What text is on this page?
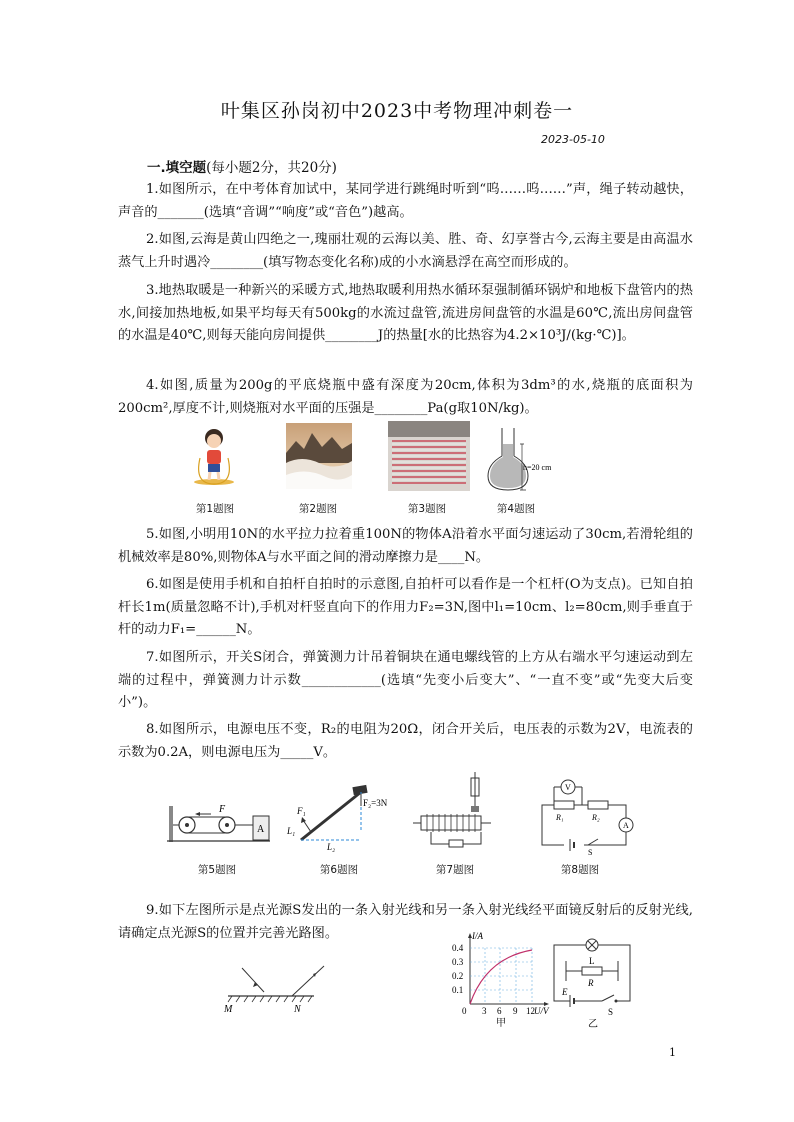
叶集区孙岗初中2023中考物理冲刺卷一
2023-05-10
一.填空题(每小题2分，共20分)

1.如图所示，在中考体育加试中，某同学进行跳绳时听到“呜……呜……”声，绳子转动越快，声音的_______(选填“音调”“响度”或“音色”)越高。

2.如图,云海是黄山四绝之一,瑰丽壮观的云海以美、胜、奇、幻享誉古今,云海主要是由高温水蒸气上升时遇冷________(填写物态变化名称)成的小水滴悬浮在高空而形成的。

3.地热取暖是一种新兴的采暖方式,地热取暖利用热水循环泵强制循环锅炉和地板下盘管内的热水,间接加热地板,如果平均每天有500kg的水流过盘管,流进房间盘管的水温是60℃,流出房间盘管的水温是40℃,则每天能向房间提供________J的热量[水的比热容为4.2×10³J/(kg·℃)]。

4.如图,质量为200g的平底烧瓶中盛有深度为20cm,体积为3dm³的水,烧瓶的底面积为200cm²,厚度不计,则烧瓶对水平面的压强是________Pa(g取10N/kg)。

第1题图	第2题图	第3题图
h=20 cm
第4题图

5.如图,小明用10N的水平拉力拉着重100N的物体A沿着水平面匀速运动了30cm,若滑轮组的机械效率是80%,则物体A与水平面之间的滑动摩擦力是____N。

6.如图是使用手机和自拍杆自拍时的示意图,自拍杆可以看作是一个杠杆(O为支点)。已知自拍杆长1m(质量忽略不计),手机对杆竖直向下的作用力F₂=3N,图中l₁=10cm、l₂=80cm,则手垂直于杆的动力F₁=______N。

7.如图所示，开关S闭合，弹簧测力计吊着铜块在通电螺线管的上方从右端水平匀速运动到左端的过程中，弹簧测力计示数____________(选填“先变小后变大”、“一直不变”或“先变大后变小”)。

8.如图所示，电源电压不变，R₂的电阻为20Ω，闭合开关后，电压表的示数为2V，电流表的示数为0.2A，则电源电压为_____V。

F
A
第5题图
F₁
F₂=3N
L₁
L₂
第6题图	第7题图
V
A
R₁	R₂
S
第8题图

9.如下左图所示是点光源S发出的一条入射光线和另一条入射光线经平面镜反射后的反射光线,请确定点光源S的位置并完善光路图。

M	N
I/A
0.4
0.3
0.2
0.1
0 3 6 9 12 U/V
甲
L
R
E
S
乙
1
